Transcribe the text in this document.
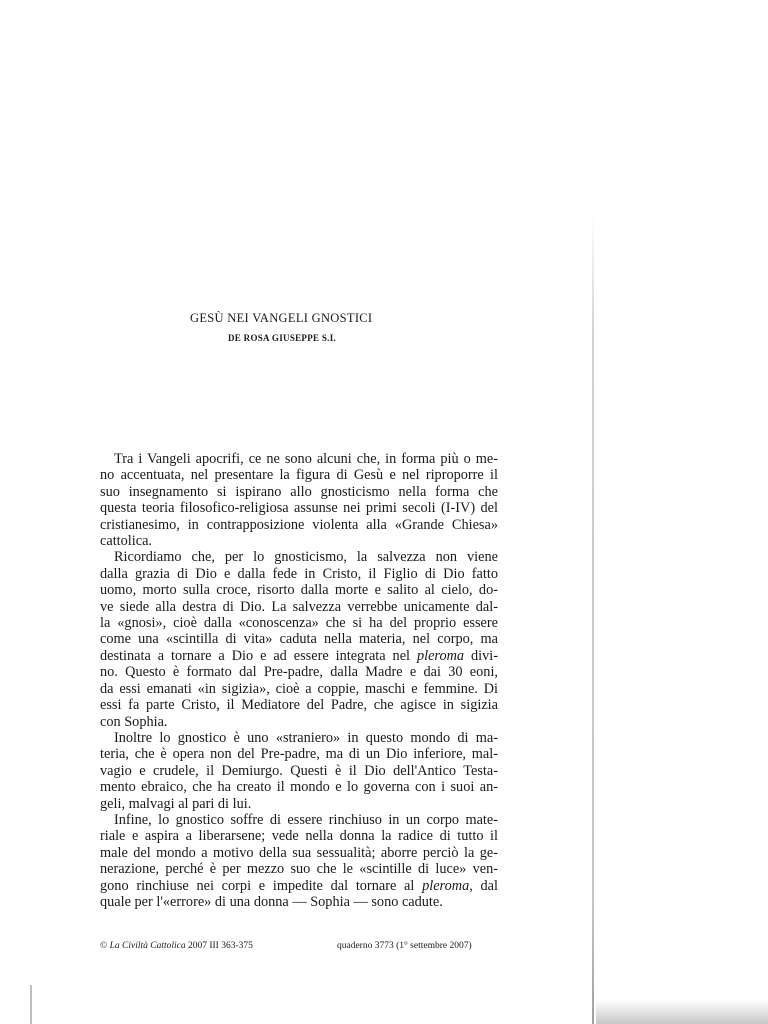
GESÙ NEI VANGELI GNOSTICI
DE ROSA GIUSEPPE S.I.

Tra i Vangeli apocrifi, ce ne sono alcuni che, in forma più o me-
no accentuata, nel presentare la figura di Gesù e nel riproporre il
suo insegnamento si ispirano allo gnosticismo nella forma che
questa teoria filosofico-religiosa assunse nei primi secoli (I-IV) del
cristianesimo, in contrapposizione violenta alla «Grande Chiesa»
cattolica.

Ricordiamo che, per lo gnosticismo, la salvezza non viene
dalla grazia di Dio e dalla fede in Cristo, il Figlio di Dio fatto
uomo, morto sulla croce, risorto dalla morte e salito al cielo, do-
ve siede alla destra di Dio. La salvezza verrebbe unicamente dal-
la «gnosi», cioè dalla «conoscenza» che si ha del proprio essere
come una «scintilla di vita» caduta nella materia, nel corpo, ma
destinata a tornare a Dio e ad essere integrata nel pleroma divi-
no. Questo è formato dal Pre-padre, dalla Madre e dai 30 eoni,
da essi emanati «in sigizia», cioè a coppie, maschi e femmine. Di
essi fa parte Cristo, il Mediatore del Padre, che agisce in sigizia
con Sophia.

Inoltre lo gnostico è uno «straniero» in questo mondo di ma-
teria, che è opera non del Pre-padre, ma di un Dio inferiore, mal-
vagio e crudele, il Demiurgo. Questi è il Dio dell'Antico Testa-
mento ebraico, che ha creato il mondo e lo governa con i suoi an-
geli, malvagi al pari di lui.

Infine, lo gnostico soffre di essere rinchiuso in un corpo mate-
riale e aspira a liberarsene; vede nella donna la radice di tutto il
male del mondo a motivo della sua sessualità; aborre perciò la ge-
nerazione, perché è per mezzo suo che le «scintille di luce» ven-
gono rinchiuse nei corpi e impedite dal tornare al pleroma, dal
quale per l'«errore» di una donna — Sophia — sono cadute.

© La Civiltà Cattolica 2007 III 363-375	quaderno 3773 (1° settembre 2007)
